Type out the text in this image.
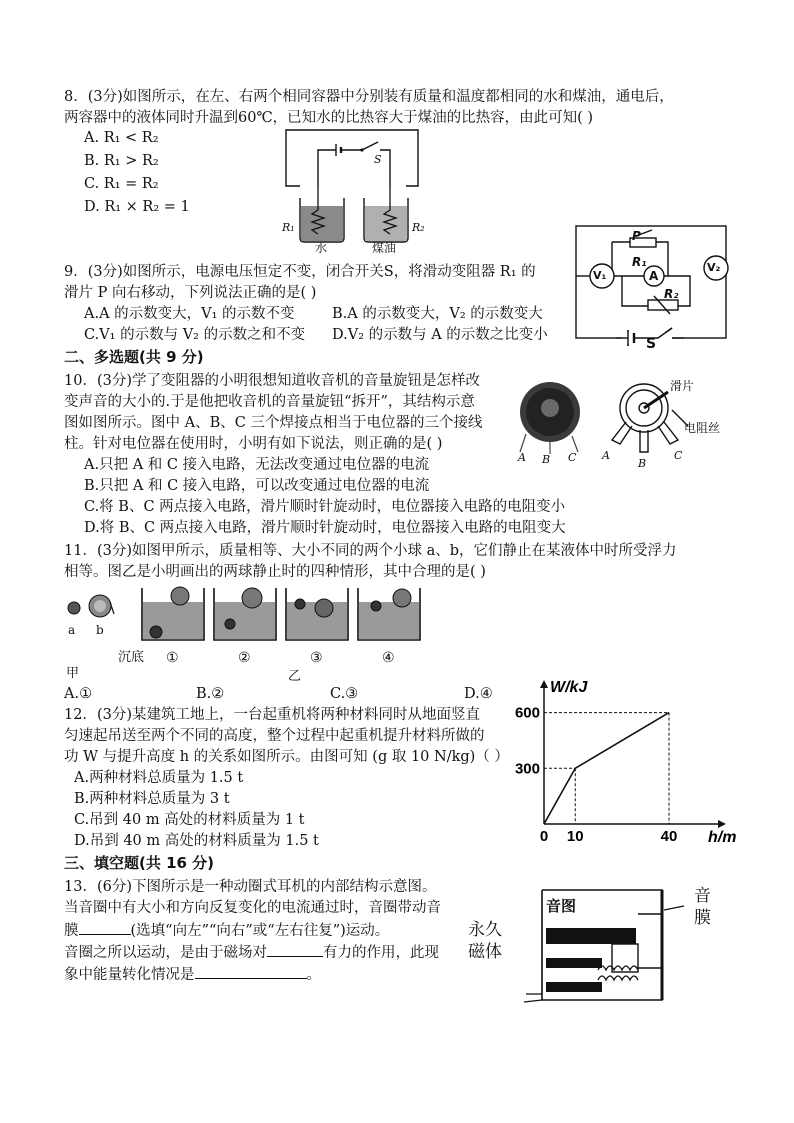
8．(3分)如图所示，在左、右两个相同容器中分别装有质量和温度都相同的水和煤油，通电后，
两容器中的液体同时升温到60℃，已知水的比热容大于煤油的比热容，由此可知( )
A. R₁ < R₂
B. R₁ > R₂
C. R₁ = R₂
D. R₁ × R₂ = 1
S
R₁	R₂
水	煤油
9．(3分)如图所示，电源电压恒定不变，闭合开关S，将滑动变阻器 R₁ 的
滑片 P 向右移动，下列说法正确的是( )
A.A 的示数变大，V₁ 的示数不变	B.A 的示数变大，V₂ 的示数变大
C.V₁ 的示数与 V₂ 的示数之和不变 D.V₂ 的示数与 A 的示数之比变小
P
R₁
A
V₁
V₂
R₂
S
二、多选题(共 9 分)
10．(3分)学了变阻器的小明很想知道收音机的音量旋钮是怎样改
变声音的大小的.于是他把收音机的音量旋钮“拆开”，其结构示意
图如图所示。图中 A、B、C 三个焊接点相当于电位器的三个接线
柱。针对电位器在使用时，小明有如下说法，则正确的是( )
A.只把 A 和 C 接入电路，无法改变通过电位器的电流
B.只把 A 和 C 接入电路，可以改变通过电位器的电流
C.将 B、C 两点接入电路，滑片顺时针旋动时，电位器接入电路的电阻变小
D.将 B、C 两点接入电路，滑片顺时针旋动时，电位器接入电路的电阻变大
A B C A
B
C
滑片
电阻丝
11．(3分)如图甲所示，质量相等、大小不同的两个小球 a、b，它们静止在某液体中时所受浮力
相等。图乙是小明画出的两球静止时的四种情形，其中合理的是( )
a b
沉底 ①	②	③	④
甲	乙
A.①	B.②	C.③	D.④
12．(3分)某建筑工地上，一台起重机将两种材料同时从地面竖直
匀速起吊送至两个不同的高度，整个过程中起重机提升材料所做的
功 W 与提升高度 h 的关系如图所示。由图可知 (g 取 10 N/kg)（ ）
A.两种材料总质量为 1.5 t
B.两种材料总质量为 3 t
C.吊到 40 m 高处的材料质量为 1 t
D.吊到 40 m 高处的材料质量为 1.5 t	0 10	40
300
600
W/kJ
h/m
三、填空题(共 16 分)
13．(6分)下图所示是一种动圈式耳机的内部结构示意图。
当音圈中有大小和方向反复变化的电流通过时，音圈带动音
膜	(选填“向左”“向右”或“左右往复”)运动。
音圈之所以运动，是由于磁场对	有力的作用，此现
象中能量转化情况是	。
音图	音
膜
永久
磁体
